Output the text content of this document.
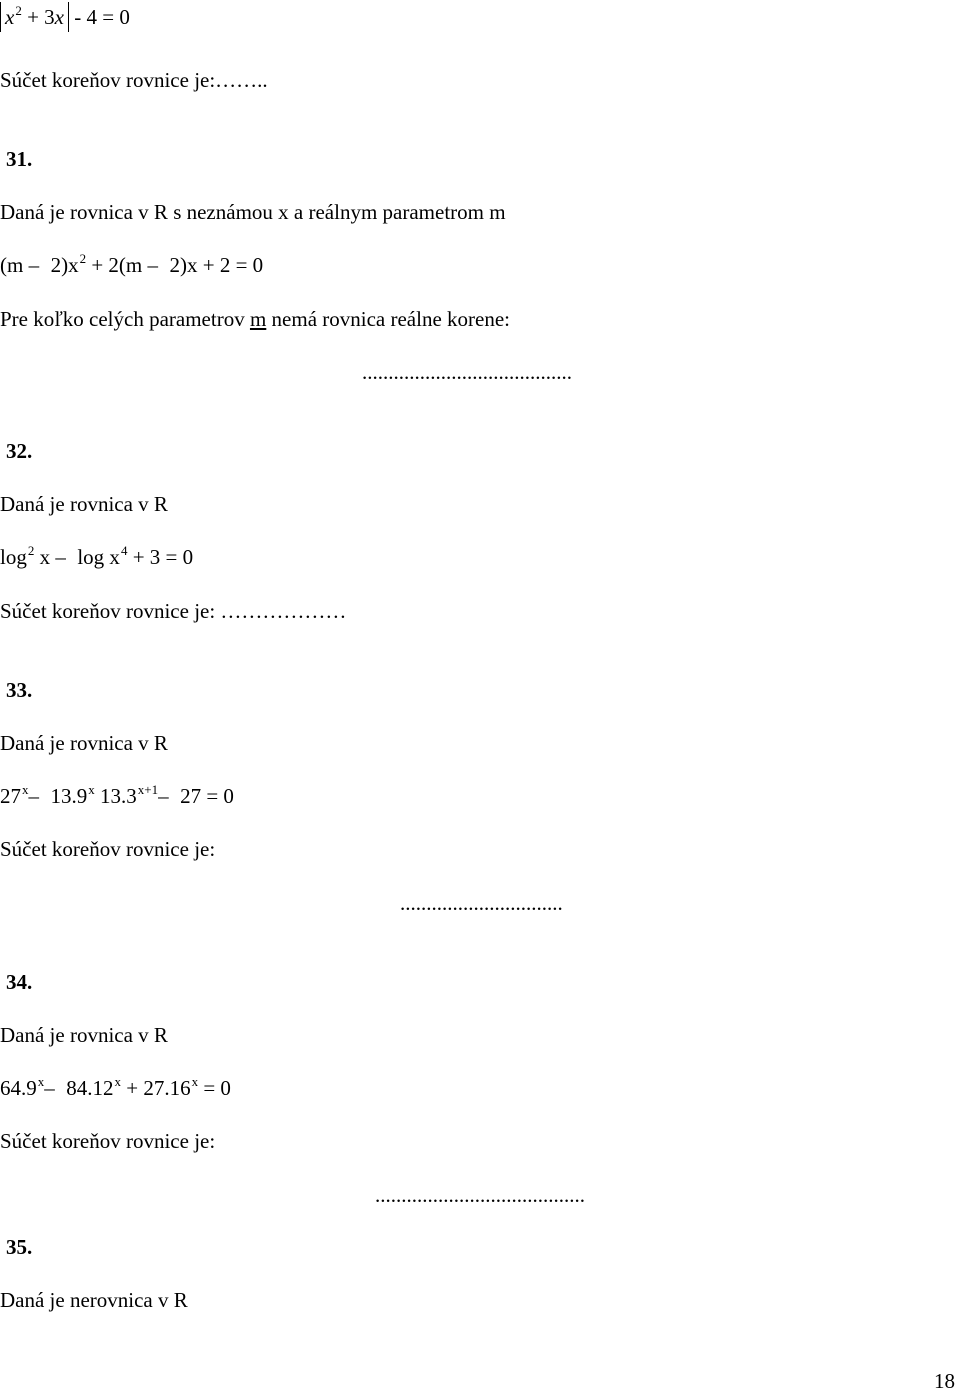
$x^2 + 3x - 4 = 0$
Súčet koreňov rovnice je:……..
31.
Daná je rovnica v R s neznámou x a reálnym parametrom m
$(m - 2)x^2 + 2(m - 2)x + 2 = 0$
Pre koľko celých parametrov m nemá rovnica reálne korene:
........................................
32.
Daná je rovnica v R
$\log^2 x - \log x^4 + 3 = 0$
Súčet koreňov rovnice je: ………………
33.
Daná je rovnica v R
27$^x$– 13.9$^x$ $13.3^{x+1}-$ 27 = 0
Súčet koreňov rovnice je:
...............................
34.
Daná je rovnica v R
64.9$^x$– $84.12^x + 27.16^x = 0$
Súčet koreňov rovnice je:
........................................
35.
Daná je nerovnica v R
18
